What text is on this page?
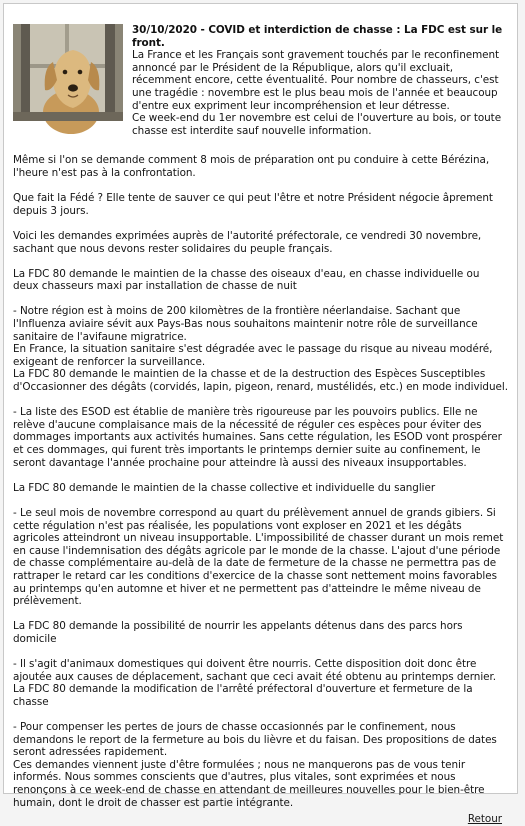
30/10/2020 - COVID et interdiction de chasse : La FDC est sur le front.
La France et les Français sont gravement touchés par le reconfinement annoncé par le Président de la République, alors qu'il excluait, récemment encore, cette éventualité. Pour nombre de chasseurs, c'est une tragédie : novembre est le plus beau mois de l'année et beaucoup d'entre eux expriment leur incompréhension et leur détresse.
Ce week-end du 1er novembre est celui de l'ouverture au bois, or toute chasse est interdite sauf nouvelle information.
Même si l'on se demande comment 8 mois de préparation ont pu conduire à cette Bérézina, l'heure n'est pas à la confrontation.
Que fait la Fédé ? Elle tente de sauver ce qui peut l'être et notre Président négocie âprement depuis 3 jours.
Voici les demandes exprimées auprès de l'autorité préfectorale, ce vendredi 30 novembre, sachant que nous devons rester solidaires du peuple français.
La FDC 80 demande le maintien de la chasse des oiseaux d'eau, en chasse individuelle ou deux chasseurs maxi par installation de chasse de nuit
- Notre région est à moins de 200 kilomètres de la frontière néerlandaise. Sachant que l'Influenza aviaire sévit aux Pays-Bas nous souhaitons maintenir notre rôle de surveillance sanitaire de l'avifaune migratrice.
En France, la situation sanitaire s'est dégradée avec le passage du risque au niveau modéré, exigeant de renforcer la surveillance.
La FDC 80 demande le maintien de la chasse et de la destruction des Espèces Susceptibles d'Occasionner des dégâts (corvidés, lapin, pigeon, renard, mustélidés, etc.) en mode individuel.
- La liste des ESOD est établie de manière très rigoureuse par les pouvoirs publics. Elle ne relève d'aucune complaisance mais de la nécessité de réguler ces espèces pour éviter des dommages importants aux activités humaines. Sans cette régulation, les ESOD vont prospérer et ces dommages, qui furent très importants le printemps dernier suite au confinement, le seront davantage l'année prochaine pour atteindre là aussi des niveaux insupportables.
La FDC 80 demande le maintien de la chasse collective et individuelle du sanglier
- Le seul mois de novembre correspond au quart du prélèvement annuel de grands gibiers. Si cette régulation n'est pas réalisée, les populations vont exploser en 2021 et les dégâts agricoles atteindront un niveau insupportable. L'impossibilité de chasser durant un mois remet en cause l'indemnisation des dégâts agricole par le monde de la chasse. L'ajout d'une période de chasse complémentaire au-delà de la date de fermeture de la chasse ne permettra pas de rattraper le retard car les conditions d'exercice de la chasse sont nettement moins favorables au printemps qu'en automne et hiver et ne permettent pas d'atteindre le même niveau de prélèvement.
La FDC 80 demande la possibilité de nourrir les appelants détenus dans des parcs hors domicile
- Il s'agit d'animaux domestiques qui doivent être nourris. Cette disposition doit donc être ajoutée aux causes de déplacement, sachant que ceci avait été obtenu au printemps dernier.
La FDC 80 demande la modification de l'arrêté préfectoral d'ouverture et fermeture de la chasse
- Pour compenser les pertes de jours de chasse occasionnés par le confinement, nous demandons le report de la fermeture au bois du lièvre et du faisan. Des propositions de dates seront adressées rapidement.
Ces demandes viennent juste d'être formulées ; nous ne manquerons pas de vous tenir informés. Nous sommes conscients que d'autres, plus vitales, sont exprimées et nous renonçons à ce week-end de chasse en attendant de meilleures nouvelles pour le bien-être humain, dont le droit de chasser est partie intégrante.
Retour
